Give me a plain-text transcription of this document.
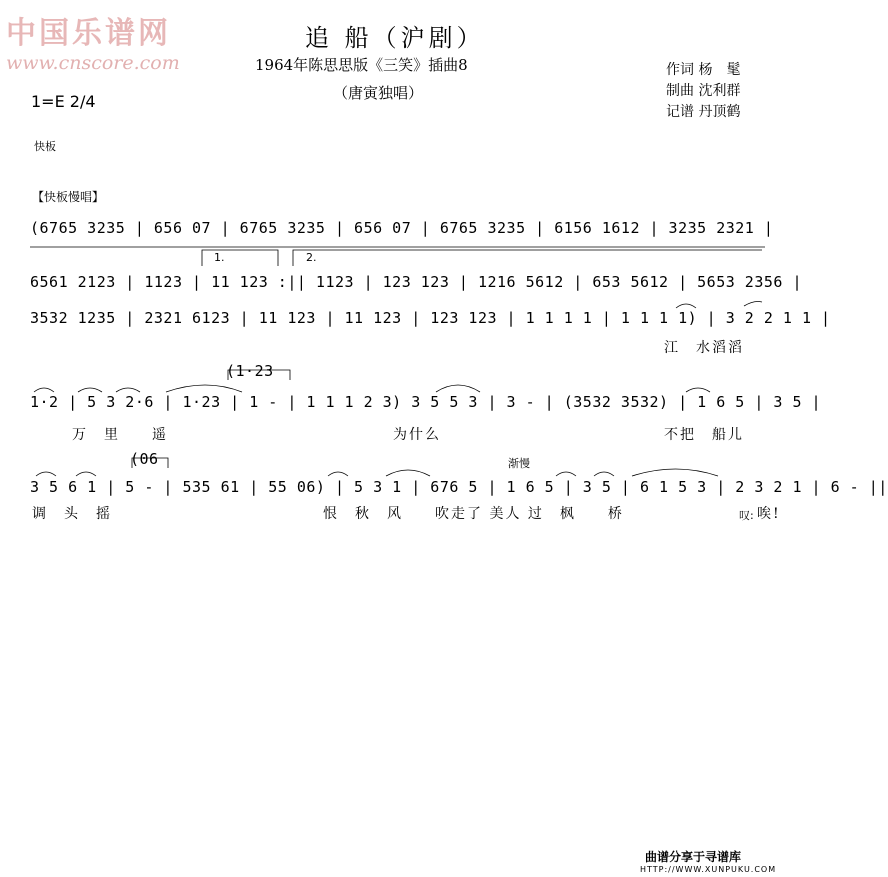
中国乐谱网
www.cnscore.com
追 船（沪剧）
1964年陈思思版《三笑》插曲8
（唐寅独唱）
作词 杨　髦
制曲 沈利群
记谱 丹顶鹤
1=E 2/4
快板
【快板慢唱】
(6765 3235 | 656 07 | 6765 3235 | 656 07 | 6765 3235 | 6156 1612 | 3235 2321 |
1.	2.
6561 2123 | 1123 | 11 123 :|| 1123 | 123 123 | 1216 5612 | 653 5612 | 5653 2356 |
3532 1235 | 2321 6123 | 11 123 | 11 123 | 123 123 | 1 1 1 1 | 1 1 1 1) | 3 2 2 1 1 |
江　水滔滔
(1·23
1·2 | 5 3 2·6 | 1·23 | 1 - | 1 1 1 2 3) 3 5 5 3 | 3 - | (3532 3532) | 1 6 5 | 3 5 |
万　里　　遥	为什么	不把　船儿
(06	渐慢
3 5 6 1 | 5 - | 535 61 | 55 06) | 5 3 1 | 676 5 | 1 6 5 | 3 5 | 6 1 5 3 | 2 3 2 1 | 6 - ||
调　头　摇	恨　秋　风　　吹走了 美人 过　枫　　桥	叹: 唉!
曲谱分享于寻谱库
HTTP://WWW.XUNPUKU.COM
